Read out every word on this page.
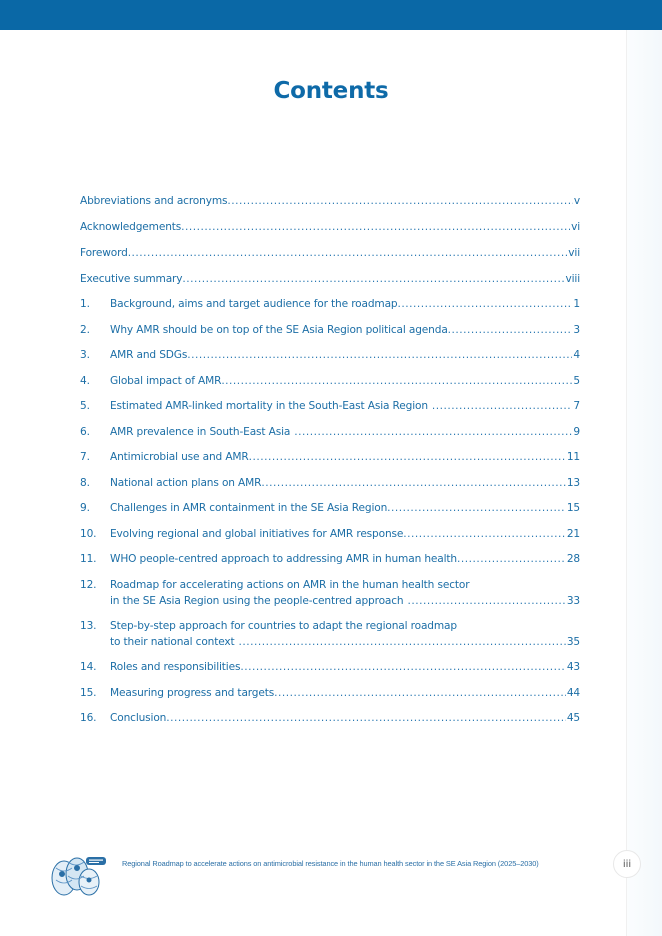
Contents
Abbreviations and acronyms .....	v
Acknowledgements .....	vi
Foreword .....	vii
Executive summary .....	viii
1.	Background, aims and target audience for the roadmap .....	1
2.	Why AMR should be on top of the SE Asia Region political agenda .....	3
3.	AMR and SDGs .....	4
4.	Global impact of AMR .....	5
5.	Estimated AMR-linked mortality in the South-East Asia Region .....	7
6.	AMR prevalence in South-East Asia .....	9
7.	Antimicrobial use and AMR .....	11
8.	National action plans on AMR .....	13
9.	Challenges in AMR containment in the SE Asia Region .....	15
10.	Evolving regional and global initiatives for AMR response .....	21
11.	WHO people-centred approach to addressing AMR in human health .....	28
12.	Roadmap for accelerating actions on AMR in the human health sector
in the SE Asia Region using the people-centred approach .....	33
13.	Step-by-step approach for countries to adapt the regional roadmap
to their national context .....	35
14.	Roles and responsibilities .....	43
15.	Measuring progress and targets .....	44
16.	Conclusion .....	45
Regional Roadmap to accelerate actions on antimicrobial resistance in the human health sector in the SE Asia Region (2025–2030)	iii
